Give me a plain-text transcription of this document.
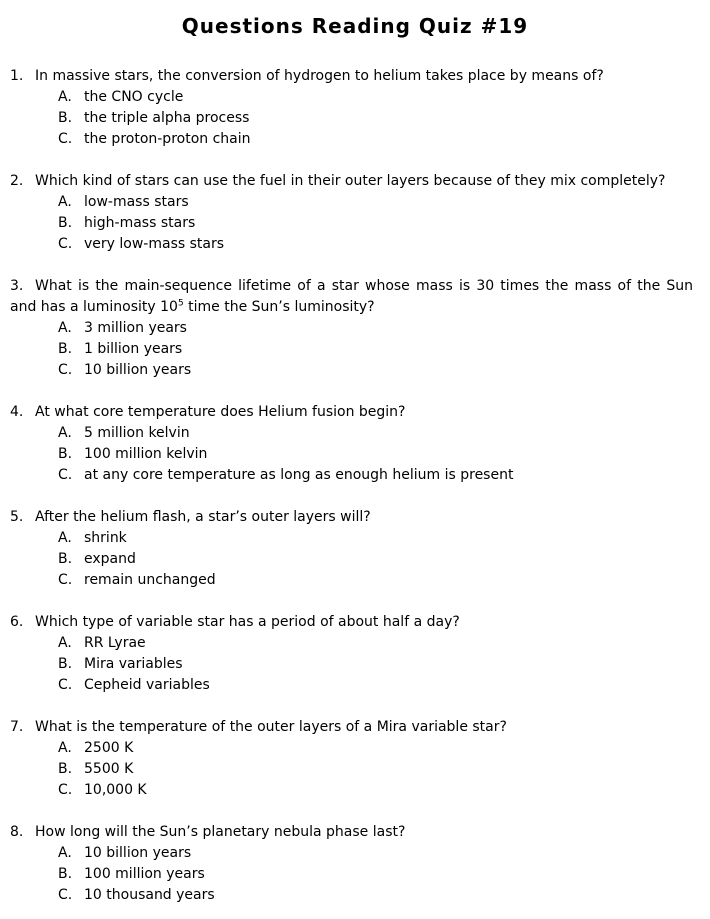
Questions Reading Quiz #19
1. In massive stars, the conversion of hydrogen to helium takes place by means of?
A. the CNO cycle
B. the triple alpha process
C. the proton-proton chain
2. Which kind of stars can use the fuel in their outer layers because of they mix completely?
A. low-mass stars
B. high-mass stars
C. very low-mass stars
3. What is the main-sequence lifetime of a star whose mass is 30 times the mass of the Sun and has a luminosity $10^5$ time the Sun’s luminosity?
A. 3 million years
B. 1 billion years
C. 10 billion years
4. At what core temperature does Helium fusion begin?
A. 5 million kelvin
B. 100 million kelvin
C. at any core temperature as long as enough helium is present
5. After the helium flash, a star’s outer layers will?
A. shrink
B. expand
C. remain unchanged
6. Which type of variable star has a period of about half a day?
A. RR Lyrae
B. Mira variables
C. Cepheid variables
7. What is the temperature of the outer layers of a Mira variable star?
A. 2500 K
B. 5500 K
C. 10,000 K
8. How long will the Sun’s planetary nebula phase last?
A. 10 billion years
B. 100 million years
C. 10 thousand years
